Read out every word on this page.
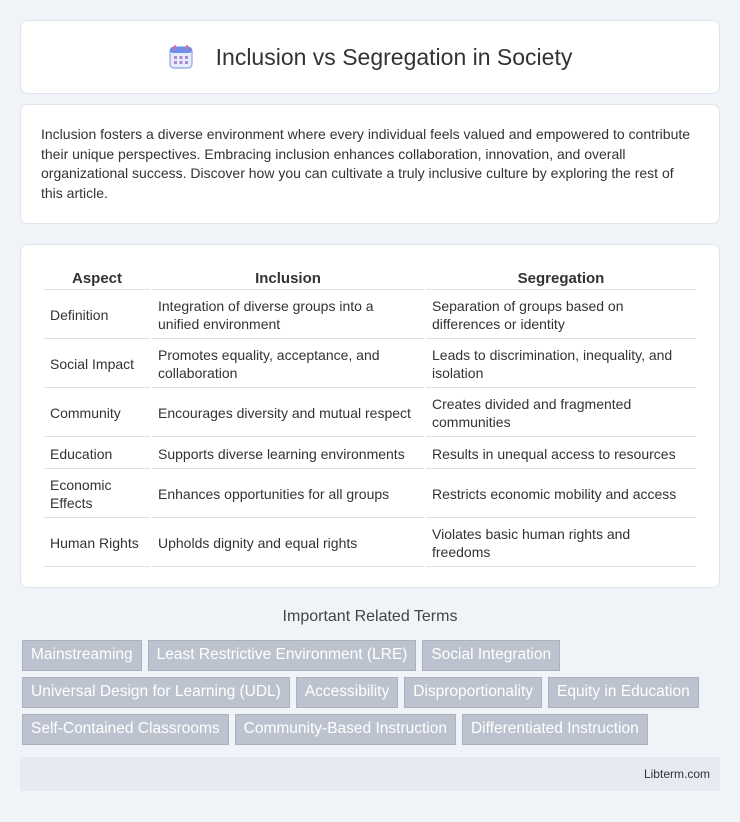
Inclusion vs Segregation in Society

Inclusion fosters a diverse environment where every individual feels valued and empowered to contribute their unique perspectives. Embracing inclusion enhances collaboration, innovation, and overall organizational success. Discover how you can cultivate a truly inclusive culture by exploring the rest of this article.

Aspect	Inclusion	Segregation
Definition	Integration of diverse groups into a unified environment	Separation of groups based on differences or identity
Social Impact	Promotes equality, acceptance, and collaboration	Leads to discrimination, inequality, and isolation
Community	Encourages diversity and mutual respect	Creates divided and fragmented communities
Education	Supports diverse learning environments	Results in unequal access to resources
Economic Effects	Enhances opportunities for all groups	Restricts economic mobility and access
Human Rights	Upholds dignity and equal rights	Violates basic human rights and freedoms
Important Related Terms
Mainstreaming	Least Restrictive Environment (LRE)	Social Integration
Universal Design for Learning (UDL)	Accessibility	Disproportionality	Equity in Education
Self-Contained Classrooms	Community-Based Instruction	Differentiated Instruction
Libterm.com
